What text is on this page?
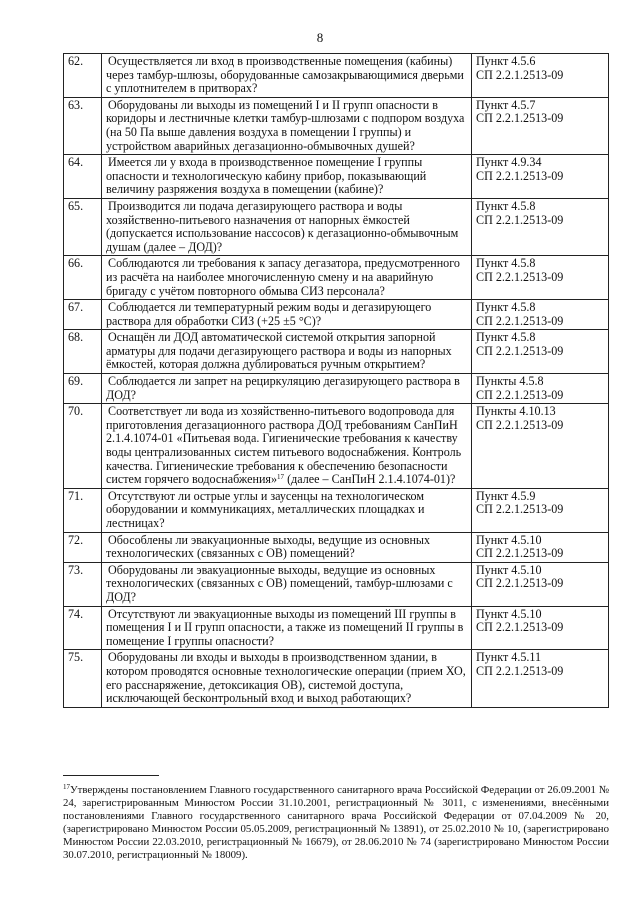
8
62.	Осуществляется ли вход в производственные помещения (кабины) через тамбур-шлюзы, оборудованные самозакрывающимися дверьми с уплотнителем в притворах?	Пункт 4.5.6
СП 2.2.1.2513-09

63.	Оборудованы ли выходы из помещений I и II групп опасности в коридоры и лестничные клетки тамбур-шлюзами с подпором воздуха (на 50 Па выше давления воздуха в помещении I группы) и устройством аварийных дегазационно-обмывочных душей?	Пункт 4.5.7
СП 2.2.1.2513-09

64.	Имеется ли у входа в производственное помещение I группы опасности и технологическую кабину прибор, показывающий величину разряжения воздуха в помещении (кабине)?	Пункт 4.9.34
СП 2.2.1.2513-09

65.	Производится ли подача дегазирующего раствора и воды хозяйственно-питьевого назначения от напорных ёмкостей (допускается использование нассосов) к дегазационно-обмывочным душам (далее – ДОД)?	Пункт 4.5.8
СП 2.2.1.2513-09

66.	Соблюдаются ли требования к запасу дегазатора, предусмотренного из расчёта на наиболее многочисленную смену и на аварийную бригаду с учётом повторного обмыва СИЗ персонала?	Пункт 4.5.8
СП 2.2.1.2513-09

67.	Соблюдается ли температурный режим воды и дегазирующего раствора для обработки СИЗ (+25 ±5 °С)?	Пункт 4.5.8
СП 2.2.1.2513-09

68.	Оснащён ли ДОД автоматической системой открытия запорной арматуры для подачи дегазирующего раствора и воды из напорных ёмкостей, которая должна дублироваться ручным открытием?	Пункт 4.5.8
СП 2.2.1.2513-09

69.	Соблюдается ли запрет на рециркуляцию дегазирующего раствора в ДОД?	Пункты 4.5.8
СП 2.2.1.2513-09

70.	Соответствует ли вода из хозяйственно-питьевого водопровода для приготовления дегазационного раствора ДОД требованиям СанПиН 2.1.4.1074-01 «Питьевая вода. Гигиенические требования к качеству воды централизованных систем питьевого водоснабжения. Контроль качества. Гигиенические требования к обеспечению безопасности систем горячего водоснабжения»$^{17}$ (далее – СанПиН 2.1.4.1074-01)?	Пункты 4.10.13
СП 2.2.1.2513-09

71.	Отсутствуют ли острые углы и заусенцы на технологическом оборудовании и коммуникациях, металлических площадках и лестницах?	Пункт 4.5.9
СП 2.2.1.2513-09

72.	Обособлены ли эвакуационные выходы, ведущие из основных технологических (связанных с ОВ) помещений?	Пункт 4.5.10
СП 2.2.1.2513-09

73.	Оборудованы ли эвакуационные выходы, ведущие из основных технологических (связанных с ОВ) помещений, тамбур-шлюзами с ДОД?	Пункт 4.5.10
СП 2.2.1.2513-09

74.	Отсутствуют ли эвакуационные выходы из помещений III группы в помещения I и II групп опасности, а также из помещений II группы в помещение I группы опасности?	Пункт 4.5.10
СП 2.2.1.2513-09

75.	Оборудованы ли входы и выходы в производственном здании, в котором проводятся основные технологические операции (прием ХО, его расснаряжение, детоксикация ОВ), системой доступа, исключающей бесконтрольный вход и выход работающих?	Пункт 4.5.11
СП 2.2.1.2513-09
$^{17}$Утверждены постановлением Главного государственного санитарного врача Российской Федерации от 26.09.2001 № 24, зарегистрированным Минюстом России 31.10.2001, регистрационный № 3011, с изменениями, внесёнными постановлениями Главного государственного санитарного врача Российской Федерации от 07.04.2009 № 20, (зарегистрировано Минюстом России 05.05.2009, регистрационный № 13891), от 25.02.2010 № 10, (зарегистрировано Минюстом России 22.03.2010, регистрационный № 16679), от 28.06.2010 № 74 (зарегистрировано Минюстом России 30.07.2010, регистрационный № 18009).
